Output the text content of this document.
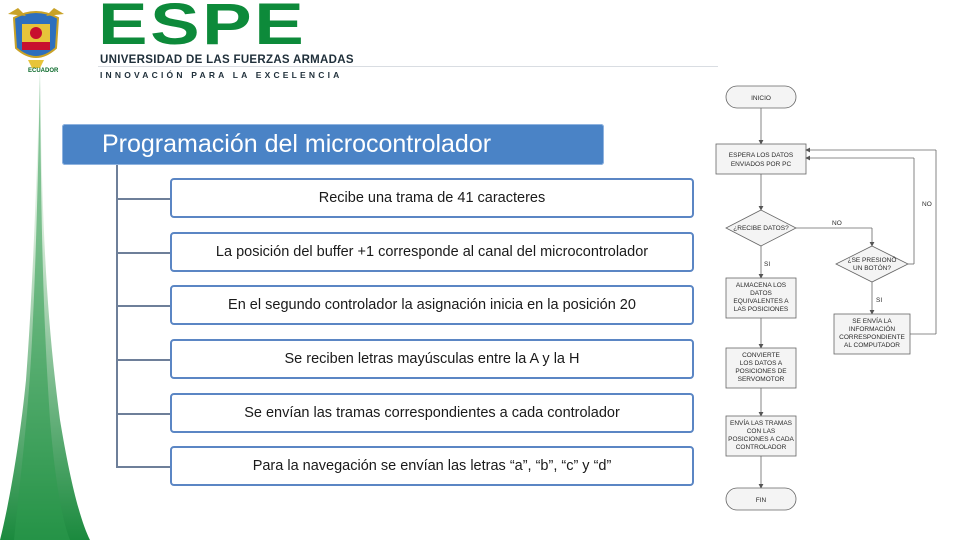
ECUADOR
ESPE
UNIVERSIDAD DE LAS FUERZAS ARMADAS
INNOVACIÓN PARA LA EXCELENCIA
Programación del microcontrolador
Recibe una trama de 41 caracteres
La posición del buffer +1 corresponde al canal del microcontrolador
En el segundo controlador la asignación inicia en la posición 20
Se reciben letras mayúsculas entre la A y la H
Se envían las tramas correspondientes a cada controlador
Para la navegación se envían las letras “a”, “b”, “c” y “d”
INICIO
ESPERA LOS DATOS
ENVIADOS POR PC
¿RECIBE DATOS?
ALMACENA LOS
DATOS
EQUIVALENTES A
LAS POSICIONES
CONVIERTE
LOS DATOS A
POSICIONES DE
SERVOMOTOR
ENVÍA LAS TRAMAS
CON LAS
POSICIONES A CADA
CONTROLADOR
FIN
¿SE PRESIONÓ
UN BOTÓN?
SE ENVÍA LA
INFORMACIÓN
CORRESPONDIENTE
AL COMPUTADOR
SI
SI
NO
NO
